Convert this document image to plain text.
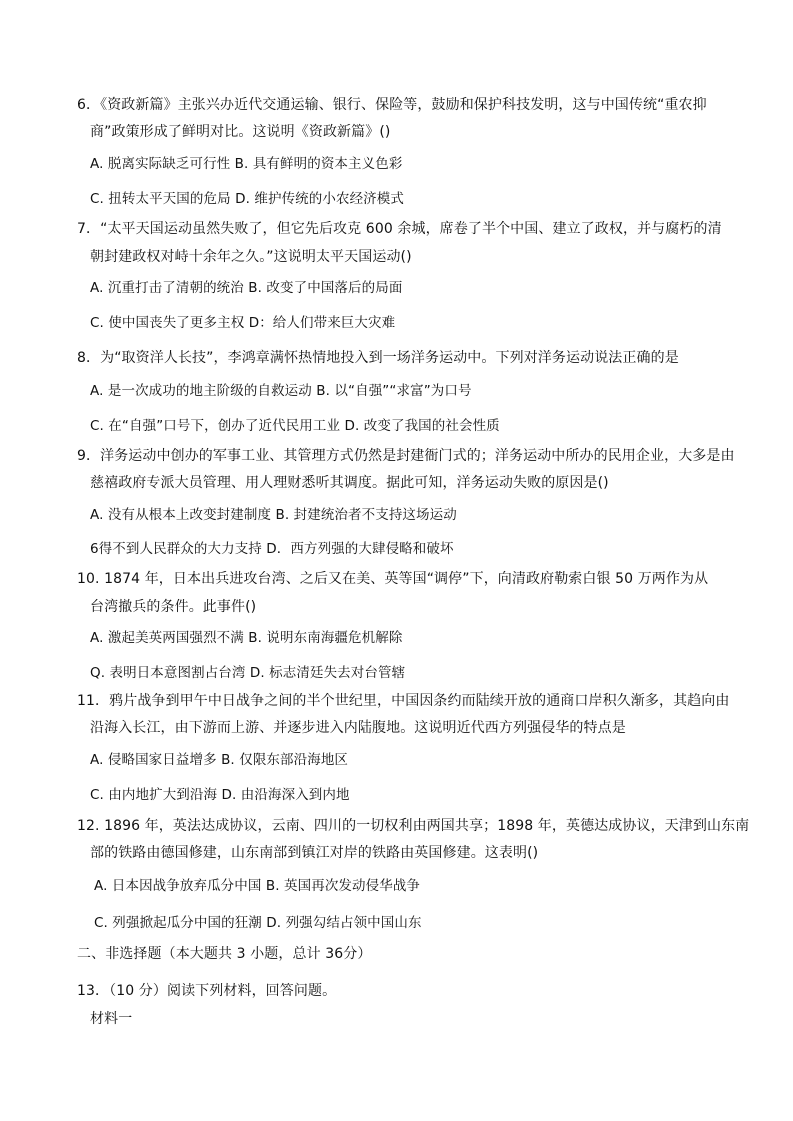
6．《资政新篇》主张兴办近代交通运输、银行、保险等，鼓励和保护科技发明，这与中国传统“重农抑
商”政策形成了鲜明对比。这说明《资政新篇》()
A. 脱离实际缺乏可行性 B. 具有鲜明的资本主义色彩
C. 扭转太平天国的危局 D. 维护传统的小农经济模式
7．“太平天国运动虽然失败了，但它先后攻克 600 余城，席卷了半个中国、建立了政权，并与腐朽的清
朝封建政权对峙十余年之久。”这说明太平天国运动()
A. 沉重打击了清朝的统治 B. 改变了中国落后的局面
C. 使中国丧失了更多主权 D：给人们带来巨大灾难
8．为“取资洋人长技”，李鸿章满怀热情地投入到一场洋务运动中。下列对洋务运动说法正确的是
A. 是一次成功的地主阶级的自救运动 B. 以“自强”“求富”为口号
C. 在“自强”口号下，创办了近代民用工业 D. 改变了我国的社会性质
9．洋务运动中创办的军事工业、其管理方式仍然是封建衙门式的；洋务运动中所办的民用企业，大多是由
慈禧政府专派大员管理、用人理财悉听其调度。据此可知，洋务运动失败的原因是()
A. 没有从根本上改变封建制度 B. 封建统治者不支持这场运动
6得不到人民群众的大力支持 D．西方列强的大肆侵略和破坏
10. 1874 年，日本出兵进攻台湾、之后又在美、英等国“调停”下，向清政府勒索白银 50 万两作为从
台湾撤兵的条件。此事件()
A. 激起美英两国强烈不满 B. 说明东南海疆危机解除
Q. 表明日本意图割占台湾 D. 标志清廷失去对台管辖
11．鸦片战争到甲午中日战争之间的半个世纪里，中国因条约而陆续开放的通商口岸积久渐多，其趋向由
沿海入长江，由下游而上游、并逐步进入内陆腹地。这说明近代西方列强侵华的特点是
A. 侵略国家日益增多 B. 仅限东部沿海地区
C. 由内地扩大到沿海 D. 由沿海深入到内地
12. 1896 年，英法达成协议，云南、四川的一切权利由两国共享；1898 年，英德达成协议，天津到山东南
部的铁路由德国修建，山东南部到镇江对岸的铁路由英国修建。这表明()
A. 日本因战争放弃瓜分中国 B. 英国再次发动侵华战争
C. 列强掀起瓜分中国的狂潮 D. 列强勾结占领中国山东
二、非选择题（本大题共 3 小题，总计 36分）
13．（10 分）阅读下列材料，回答问题。
材料一
